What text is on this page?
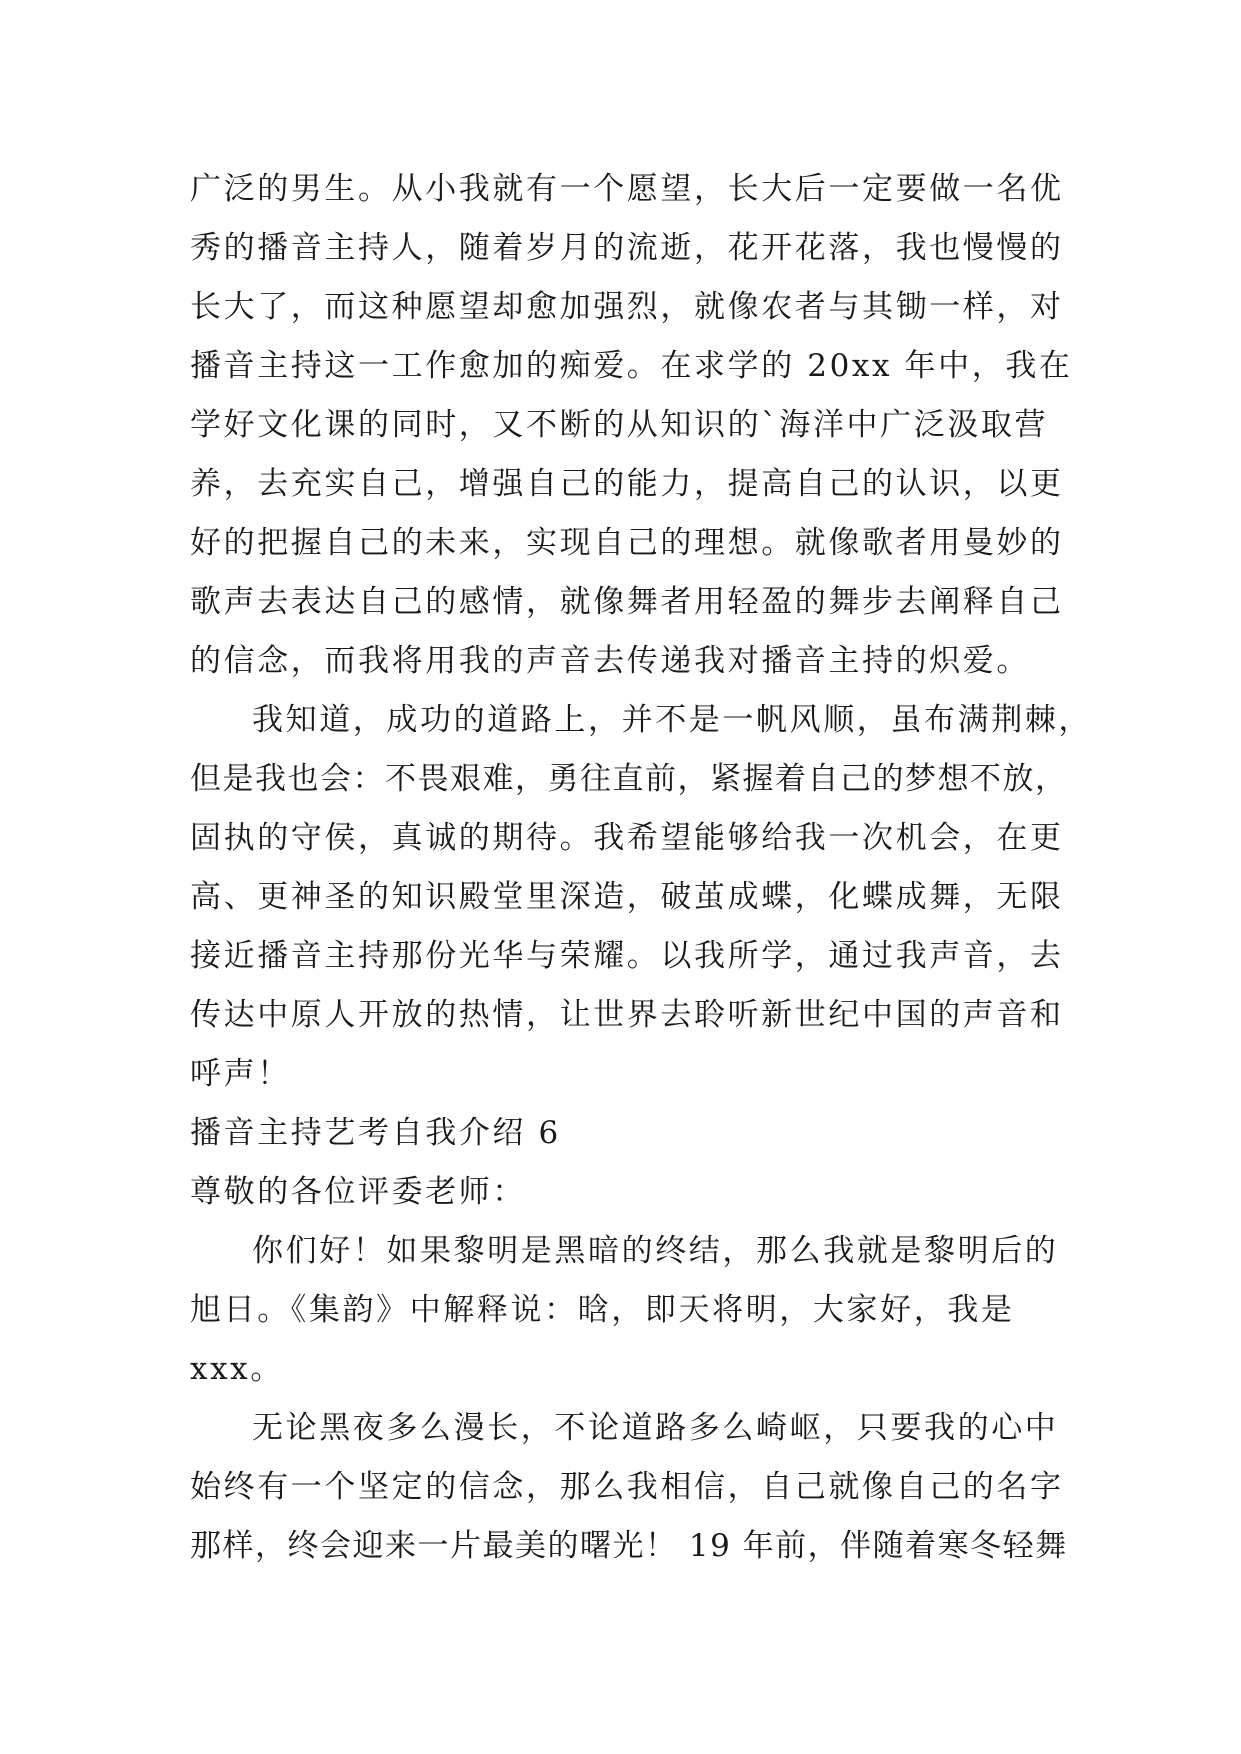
广泛的男生。从小我就有一个愿望，长大后一定要做一名优
秀的播音主持人，随着岁月的流逝，花开花落，我也慢慢的
长大了，而这种愿望却愈加强烈，就像农者与其锄一样，对
播音主持这一工作愈加的痴爱。在求学的 20xx 年中，我在
学好文化课的同时，又不断的从知识的`海洋中广泛汲取营
养，去充实自己，增强自己的能力，提高自己的认识，以更
好的把握自己的未来，实现自己的理想。就像歌者用曼妙的
歌声去表达自己的感情，就像舞者用轻盈的舞步去阐释自己
的信念，而我将用我的声音去传递我对播音主持的炽爱。
我知道，成功的道路上，并不是一帆风顺，虽布满荆棘，
但是我也会：不畏艰难，勇往直前，紧握着自己的梦想不放，
固执的守侯，真诚的期待。我希望能够给我一次机会，在更
高、更神圣的知识殿堂里深造，破茧成蝶，化蝶成舞，无限
接近播音主持那份光华与荣耀。以我所学，通过我声音，去
传达中原人开放的热情，让世界去聆听新世纪中国的声音和
呼声！
播音主持艺考自我介绍 6
尊敬的各位评委老师：
你们好！如果黎明是黑暗的终结，那么我就是黎明后的
旭日。《集韵》中解释说：晗，即天将明，大家好，我是
xxx。
无论黑夜多么漫长，不论道路多么崎岖，只要我的心中
始终有一个坚定的信念，那么我相信，自己就像自己的名字
那样，终会迎来一片最美的曙光！ 19 年前，伴随着寒冬轻舞
